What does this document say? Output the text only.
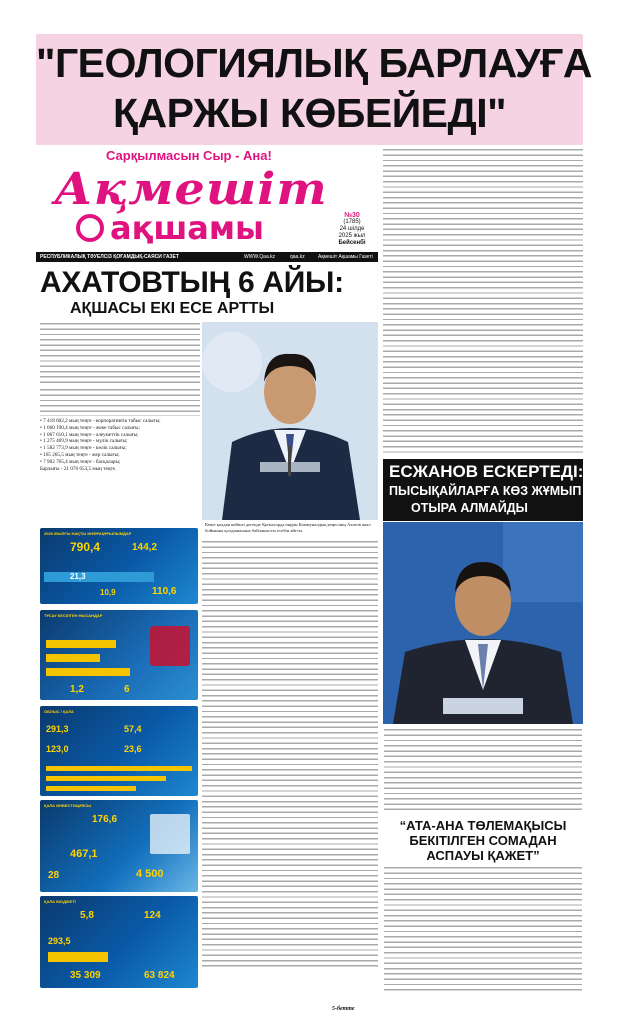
"ГЕОЛОГИЯЛЫҚ БАРЛАУҒА
ҚАРЖЫ КӨБЕЙЕДІ"
Сарқылмасын Сыр - Ана!
Ақмешіт
ақшамы	№30
(1785)
24 шілде
2025 жыл
Бейсенбі
РЕСПУБЛИКАЛЫҚ ТӘУЕЛСІЗ ҚОҒАМДЫҚ-САЯСИ ГАЗЕТ	WWW.Qaa.kz	qaa.kz	Ақмешіт Ақшамы Газеті
АХАТОВТЫҢ 6 АЙЫ:
АҚШАСЫ ЕКІ ЕСЕ АРТТЫ
• 7 418 602,2 мың теңге - корпоративтік табыс салығы;
• 1 660 190,4 мың теңге - жеке табыс салығы;
• 1 067 610,1 мың теңге - әлеуметтік салығы;
• 1 275 469,9 мың теңге - мүлік салығы;
• 1 582 773,9 мың теңге - көлік салығы;
• 165 265,5 мың теңге - жер салығы;
• 7 902 765,4 мың теңге - басқалары;
Барлығы - 21 076 653,5 мың теңге.
Кеше қалдан кейінгі дегенде Қызылорда өңірін Коммуналдық кеңесінің Ахатов жыл бойынша қолданысына байланысты есебін айтты.
5-бетте
2025 ЖЫЛҒЫ НАҚТЫ ИНФРАҚҰРЫЛЫМДАР
790,4	144,2
110,6
21,3
10,9
ТҰСАУ КЕСІЛГЕН НЫСАНДАР
1,2	6
ОБЛЫС / ҚАЛА
291,3
123,0
57,4
23,6
ҚАЛА ИНВЕСТИЦИЯСЫ
176,6
467,1
28	4 500
ҚАЛА БЮДЖЕТІ
5,8	124
293,5
35 309	63 824
ЕСЖАНОВ ЕСКЕРТЕДІ:
ПЫСЫҚАЙЛАРҒА КӨЗ ЖҰМЫП
ОТЫРА АЛМАЙДЫ
“АТА-АНА ТӨЛЕМАҚЫСЫ
БЕКІТІЛГЕН СОМАДАН
АСПАУЫ ҚАЖЕТ”
